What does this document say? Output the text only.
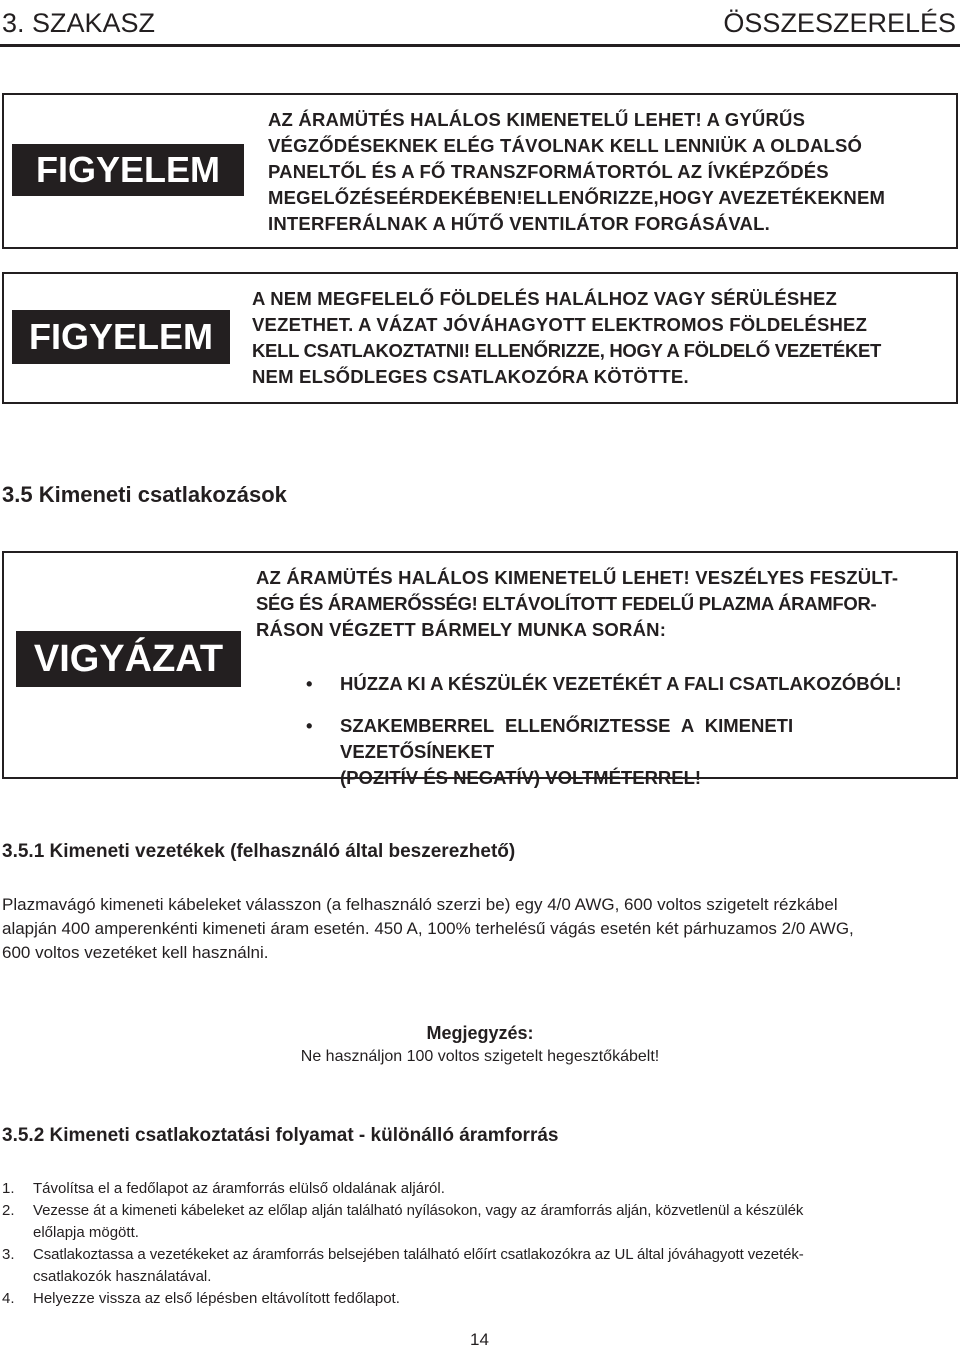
3. SZAKASZ	ÖSSZESZERELÉS
FIGYELEM
AZ ÁRAMÜTÉS HALÁLOS KIMENETELŰ LEHET! A GYŰRŰS
VÉGZŐDÉSEKNEK ELÉG TÁVOLNAK KELL LENNIÜK A OLDALSÓ
PANELTŐL ÉS A FŐ TRANSZFORMÁTORTÓL AZ ÍVKÉPZŐDÉS
MEGELŐZÉSEÉRDEKÉBEN!ELLENŐRIZZE,HOGY AVEZETÉKEKNEM
INTERFERÁLNAK A HŰTŐ VENTILÁTOR FORGÁSÁVAL.
FIGYELEM
A NEM MEGFELELŐ FÖLDELÉS HALÁLHOZ VAGY SÉRÜLÉSHEZ
VEZETHET. A VÁZAT JÓVÁHAGYOTT ELEKTROMOS FÖLDELÉSHEZ
KELL CSATLAKOZTATNI! ELLENŐRIZZE, HOGY A FÖLDELŐ VEZETÉKET
NEM ELSŐDLEGES CSATLAKOZÓRA KÖTÖTTE.
3.5 Kimeneti csatlakozások
VIGYÁZAT
AZ ÁRAMÜTÉS HALÁLOS KIMENETELŰ LEHET! VESZÉLYES FESZÜLT-
SÉG ÉS ÁRAMERŐSSÉG! ELTÁVOLÍTOTT FEDELŰ PLAZMA ÁRAMFOR-
RÁSON VÉGZETT BÁRMELY MUNKA SORÁN:
•	HÚZZA KI A KÉSZÜLÉK VEZETÉKÉT A FALI CSATLAKOZÓBÓL!
•	SZAKEMBERREL ELLENŐRIZTESSE A KIMENETI VEZETŐSÍNEKET
(POZITÍV ÉS NEGATÍV) VOLTMÉTERREL!
3.5.1 Kimeneti vezetékek (felhasználó által beszerezhető)
Plazmavágó kimeneti kábeleket válasszon (a felhasználó szerzi be) egy 4/0 AWG, 600 voltos szigetelt rézkábel
alapján 400 amperenkénti kimeneti áram esetén. 450 A, 100% terhelésű vágás esetén két párhuzamos 2/0 AWG,
600 voltos vezetéket kell használni.
Megjegyzés:
Ne használjon 100 voltos szigetelt hegesztőkábelt!
3.5.2 Kimeneti csatlakoztatási folyamat - különálló áramforrás
1. Távolítsa el a fedőlapot az áramforrás elülső oldalának aljáról.
2. Vezesse át a kimeneti kábeleket az előlap alján található nyílásokon, vagy az áramforrás alján, közvetlenül a készülék
előlapja mögött.
3. Csatlakoztassa a vezetékeket az áramforrás belsejében található előírt csatlakozókra az UL által jóváhagyott vezeték-
csatlakozók használatával.
4. Helyezze vissza az első lépésben eltávolított fedőlapot.
14
